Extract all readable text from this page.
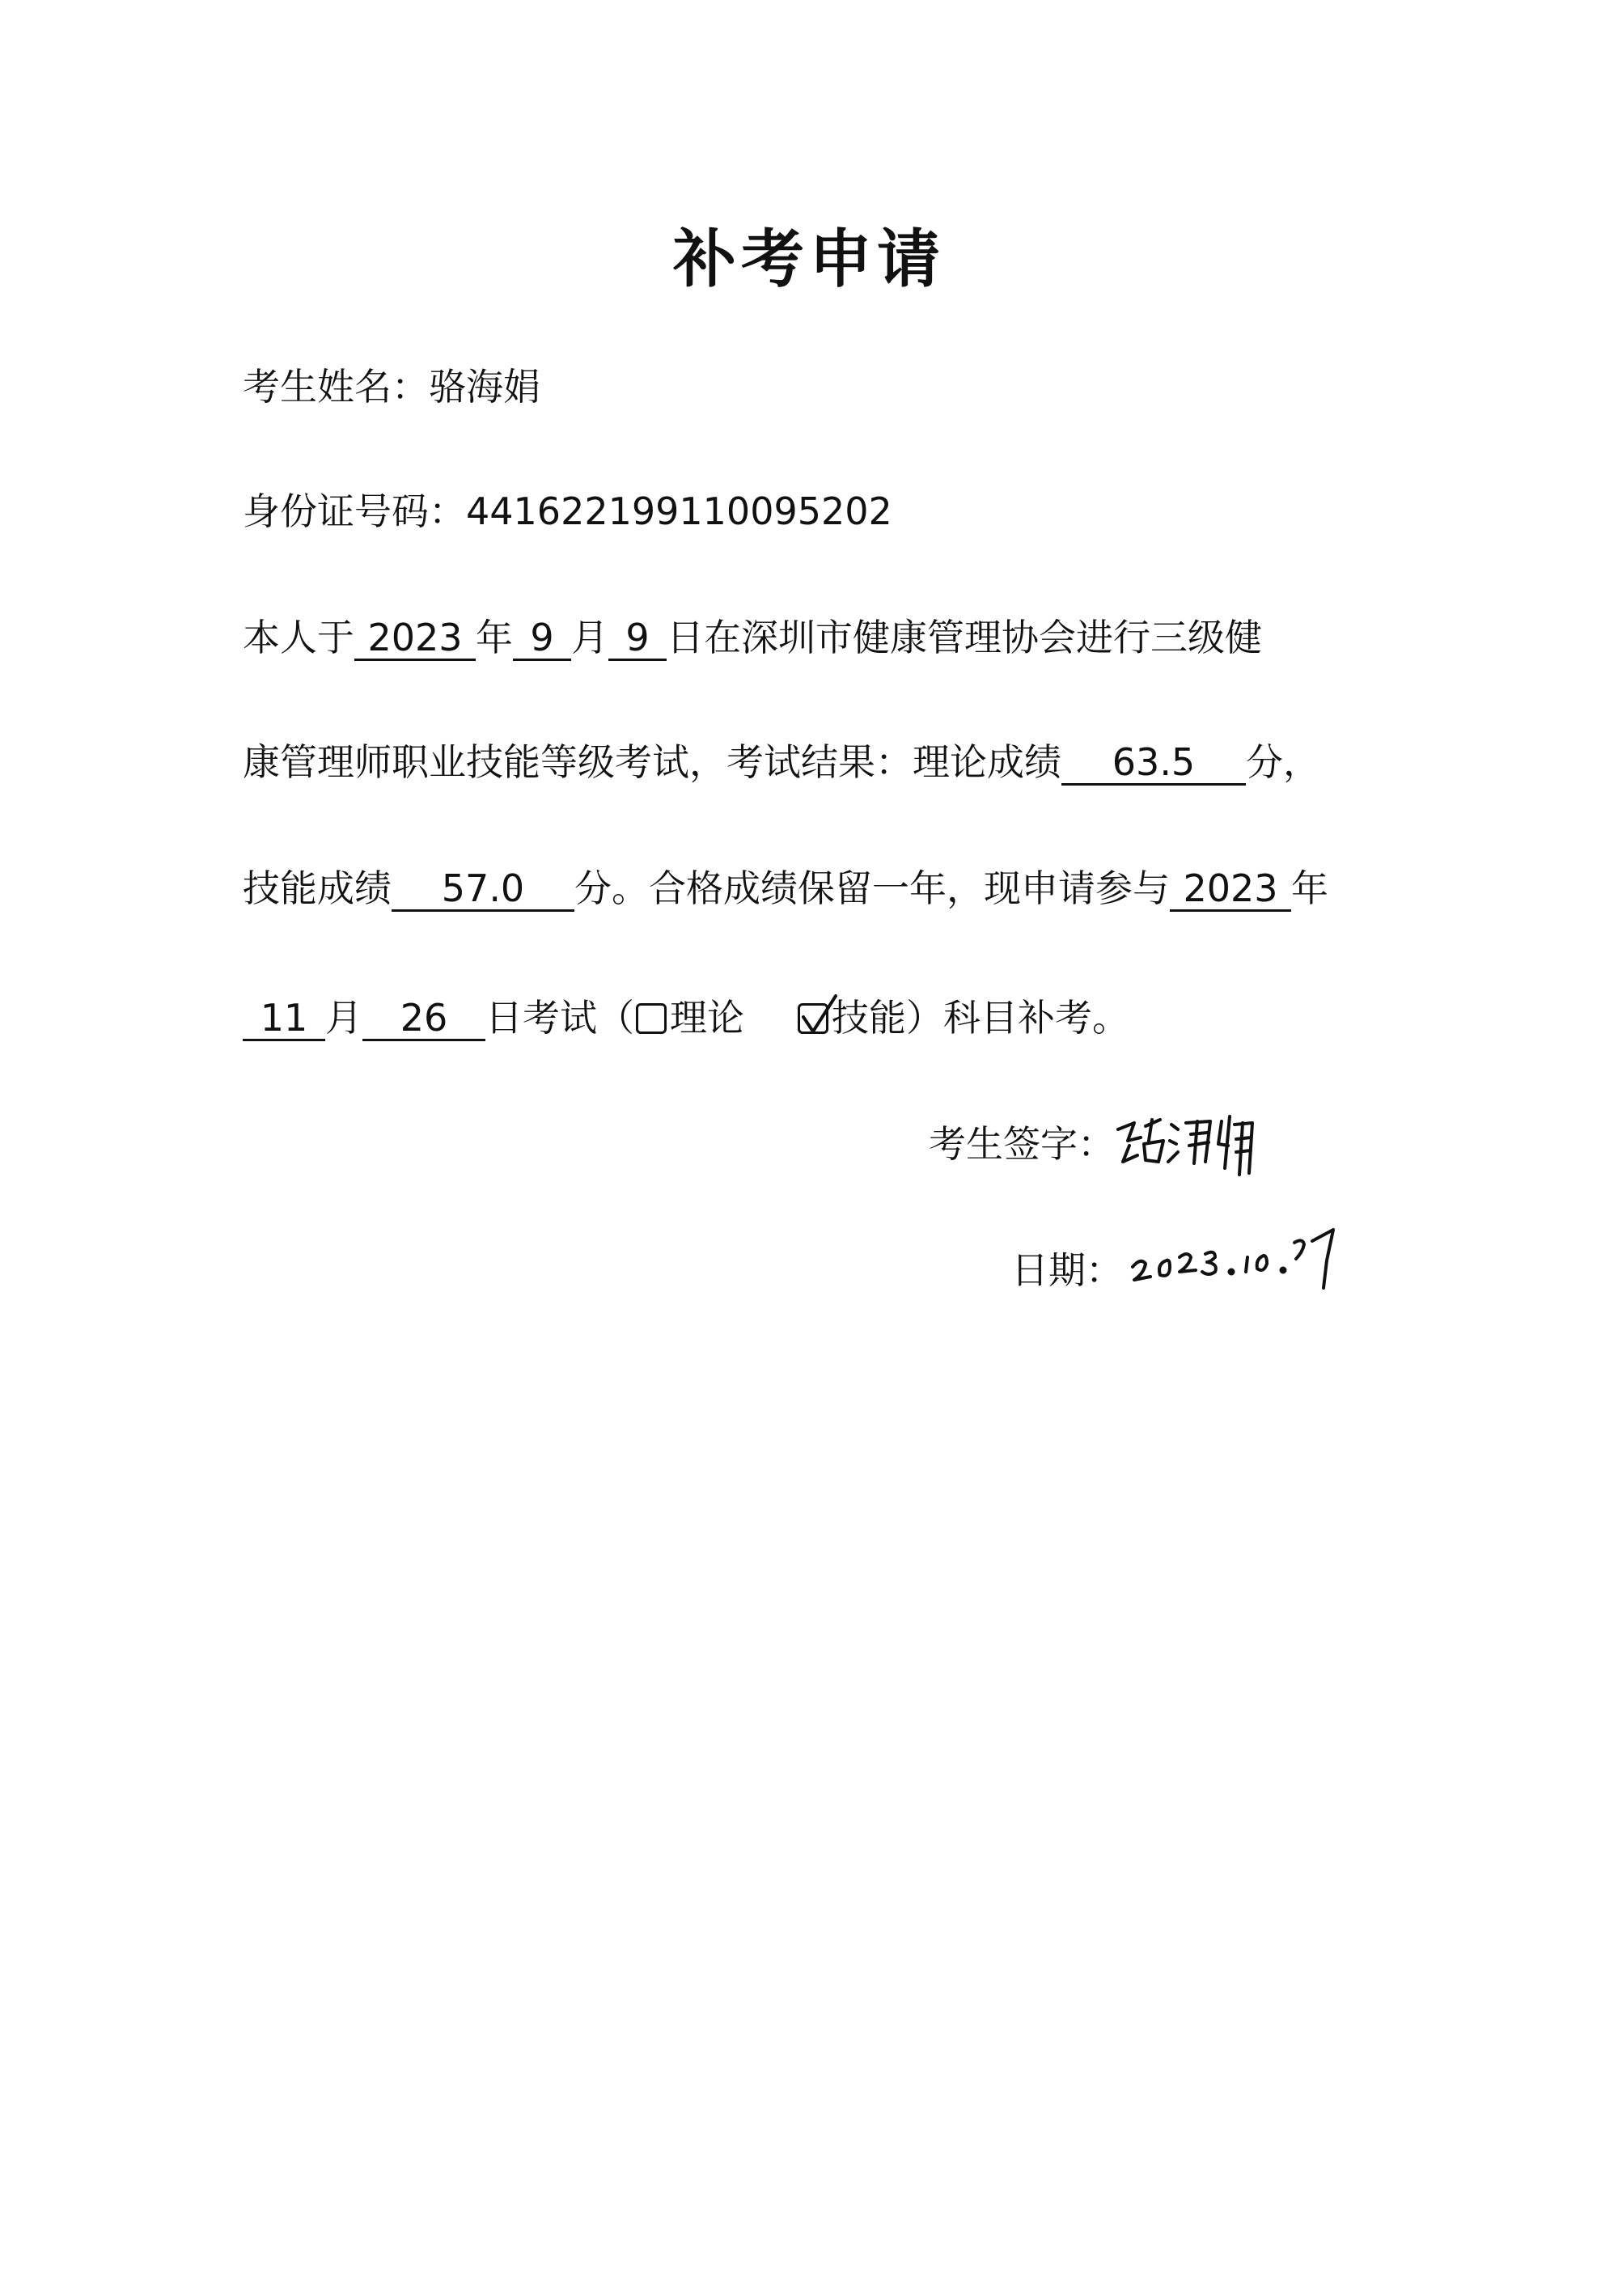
补考申请
考生姓名：骆海娟
身份证号码：441622199110095202
本人于 2023 年 9 月 9 日在深圳市健康管理协会进行三级健
康管理师职业技能等级考试，考试结果：理论成绩 63.5 分，
技能成绩 57.0 分。合格成绩保留一年，现申请参与 2023 年
11 月 26 日考试（ 理论 技能）科目补考。
考生签字：
日期：
